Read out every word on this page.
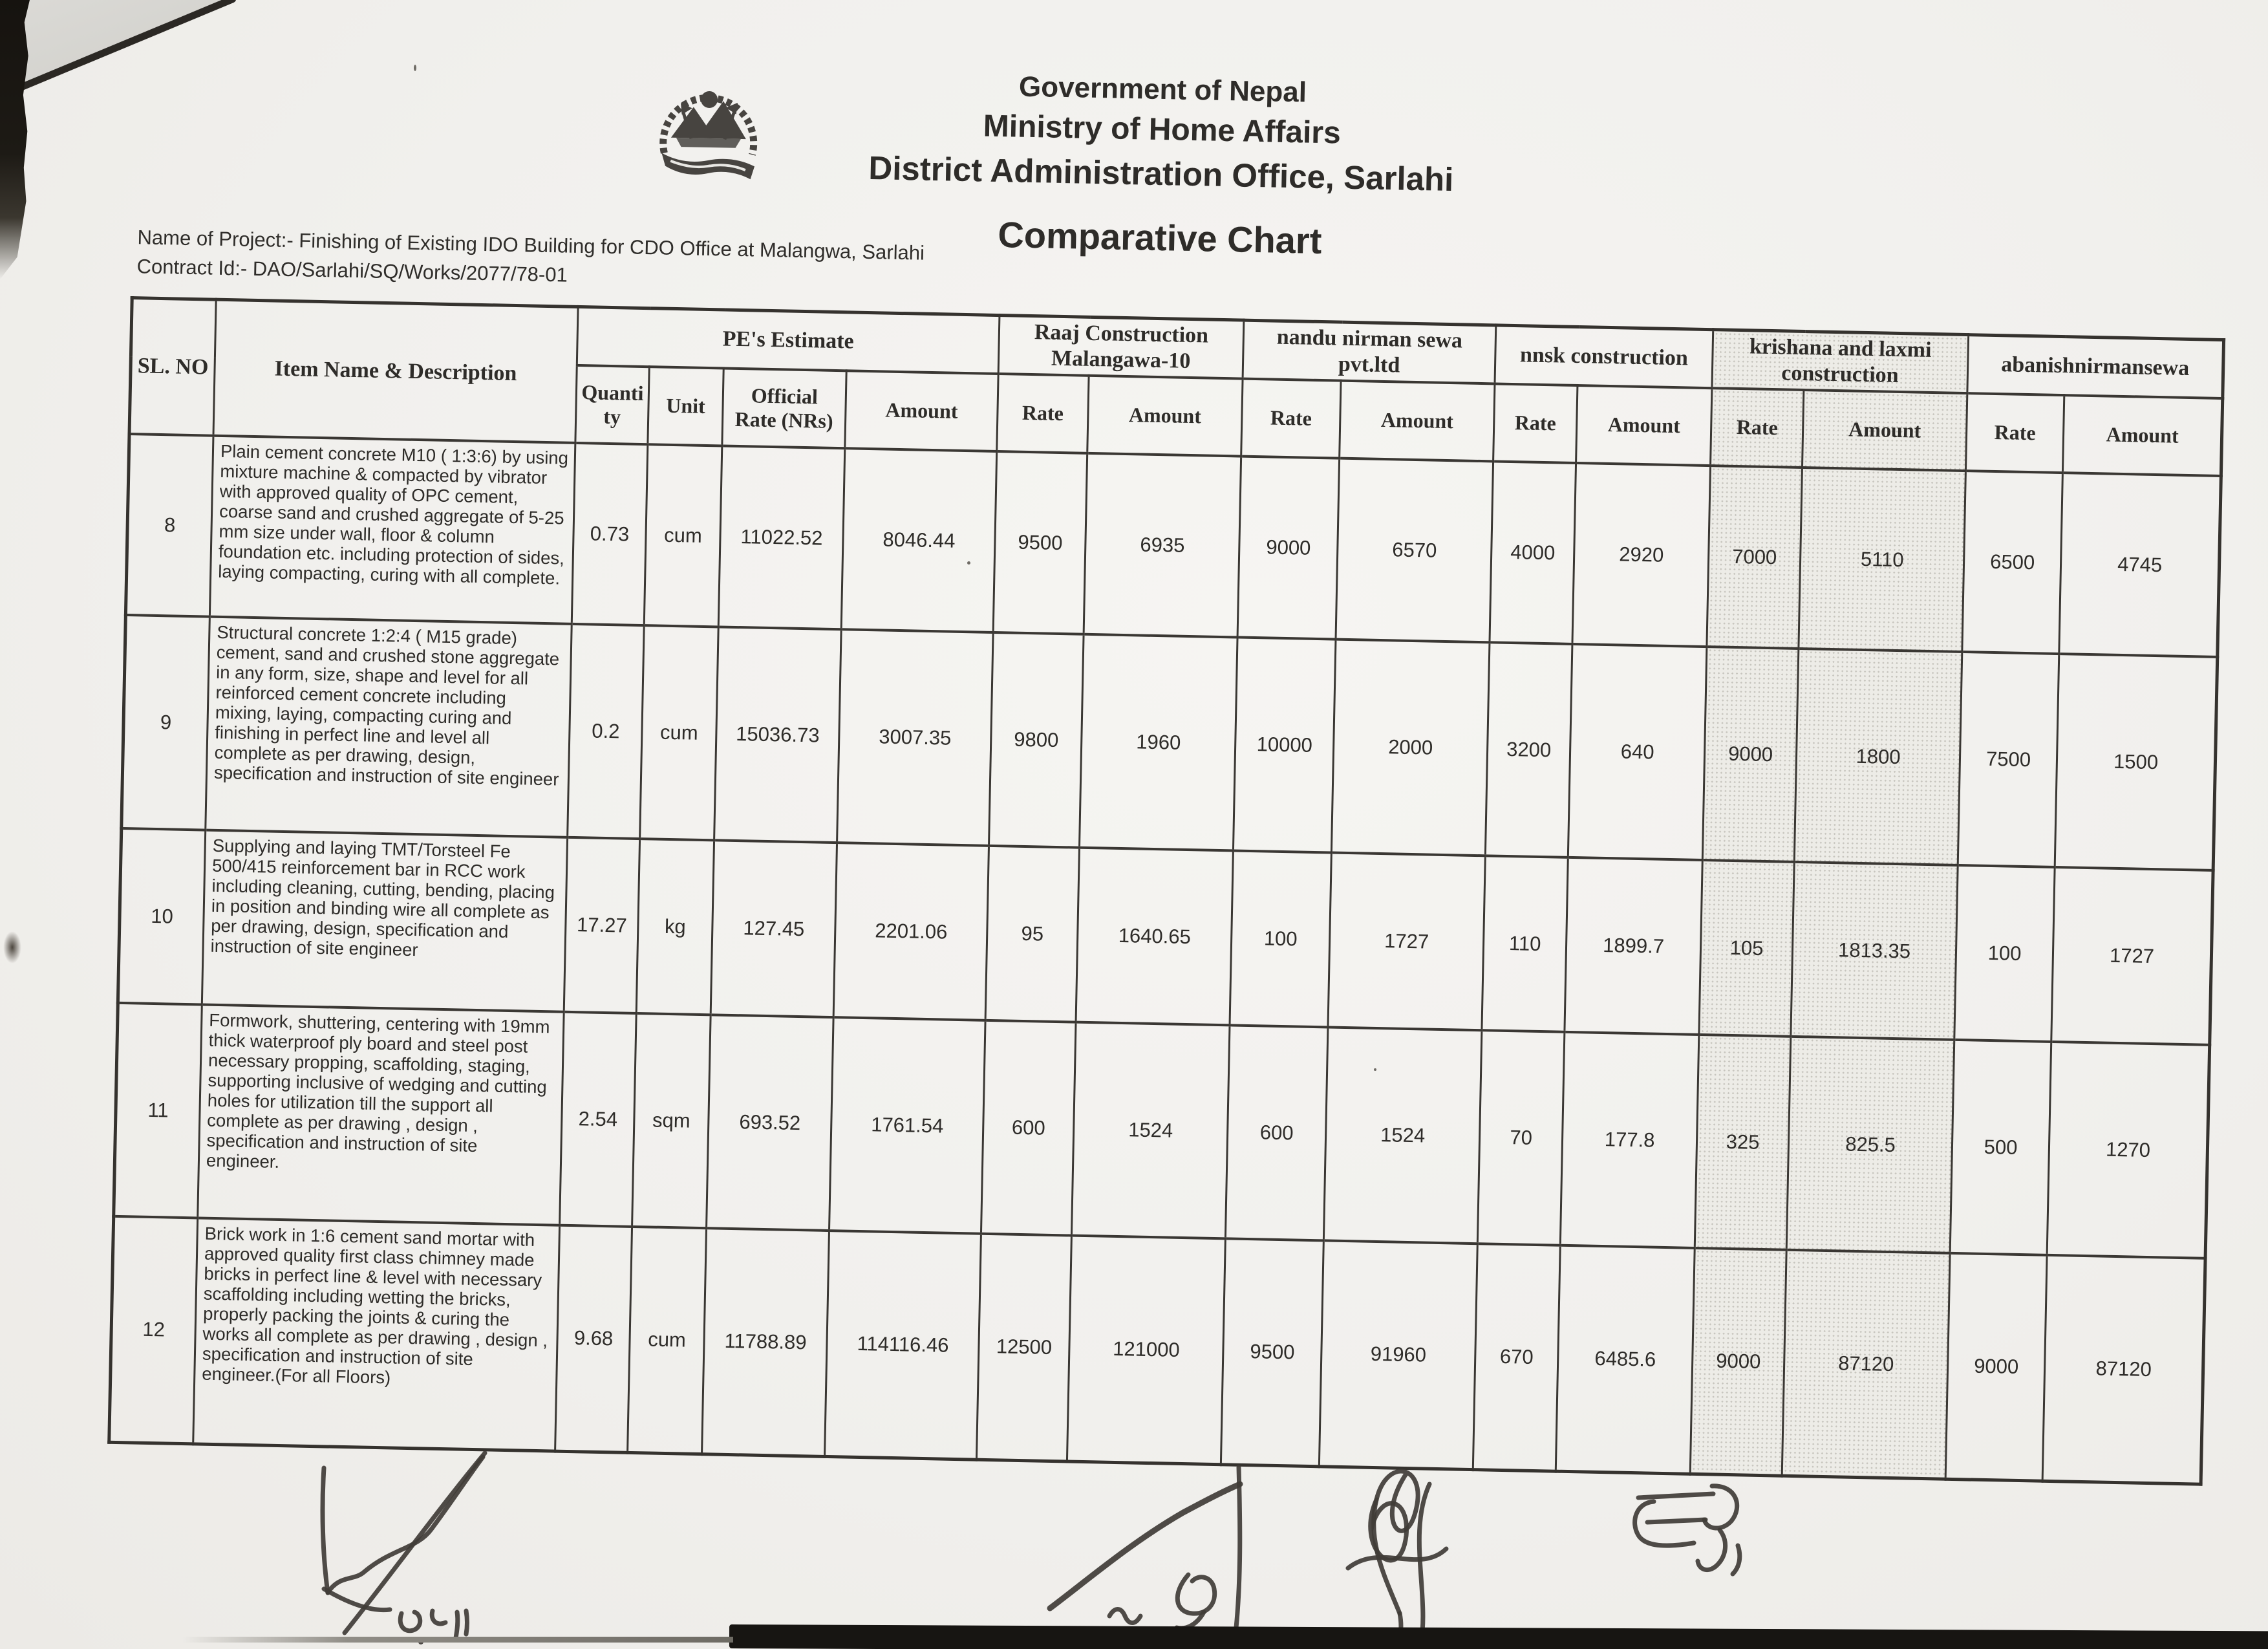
Government of Nepal
Ministry of Home Affairs
District Administration Office, Sarlahi
Comparative Chart
Name of Project:- Finishing of Existing IDO Building for CDO Office at Malangwa, Sarlahi
Contract Id:- DAO/Sarlahi/SQ/Works/2077/78-01
SL. NO	Item Name & Description	PE's Estimate				Raaj Construction Malangawa-10		nandu nirman sewa pvt.ltd		nnsk construction		krishana and laxmi construction		abanishnirmansewa	
		Quantity	Unit	Official Rate (NRs)	Amount	Rate	Amount	Rate	Amount	Rate	Amount	Rate	Amount	Rate	Amount
8	Plain cement concrete M10 ( 1:3:6) by using mixture machine & compacted by vibrator with approved quality of OPC cement, coarse sand and crushed aggregate of 5-25 mm size under wall, floor & column foundation etc. including protection of sides, laying compacting, curing with all complete.	0.73	cum	11022.52	8046.44	9500	6935	9000	6570	4000	2920	7000	5110	6500	4745
9	Structural concrete 1:2:4 ( M15 grade) cement, sand and crushed stone aggregate in any form, size, shape and level for all reinforced cement concrete including mixing, laying, compacting curing and finishing in perfect line and level all complete as per drawing, design, specification and instruction of site engineer	0.2	cum	15036.73	3007.35	9800	1960	10000	2000	3200	640	9000	1800	7500	1500
10	Supplying and laying TMT/Torsteel Fe 500/415 reinforcement bar in RCC work including cleaning, cutting, bending, placing in position and binding wire all complete as per drawing, design, specification and instruction of site engineer	17.27	kg	127.45	2201.06	95	1640.65	100	1727	110	1899.7	105	1813.35	100	1727
11	Formwork, shuttering, centering with 19mm thick waterproof ply board and steel post necessary propping, scaffolding, staging, supporting inclusive of wedging and cutting holes for utilization till the support all complete as per drawing , design , specification and instruction of site engineer.	2.54	sqm	693.52	1761.54	600	1524	600	1524	70	177.8	325	825.5	500	1270
12	Brick work in 1:6 cement sand mortar with approved quality first class chimney made bricks in perfect line & level with necessary scaffolding including wetting the bricks, properly packing the joints & curing the works all complete as per drawing , design , specification and instruction of site engineer.(For all Floors)	9.68	cum	11788.89	114116.46	12500	121000	9500	91960	670	6485.6	9000	87120	9000	87120
